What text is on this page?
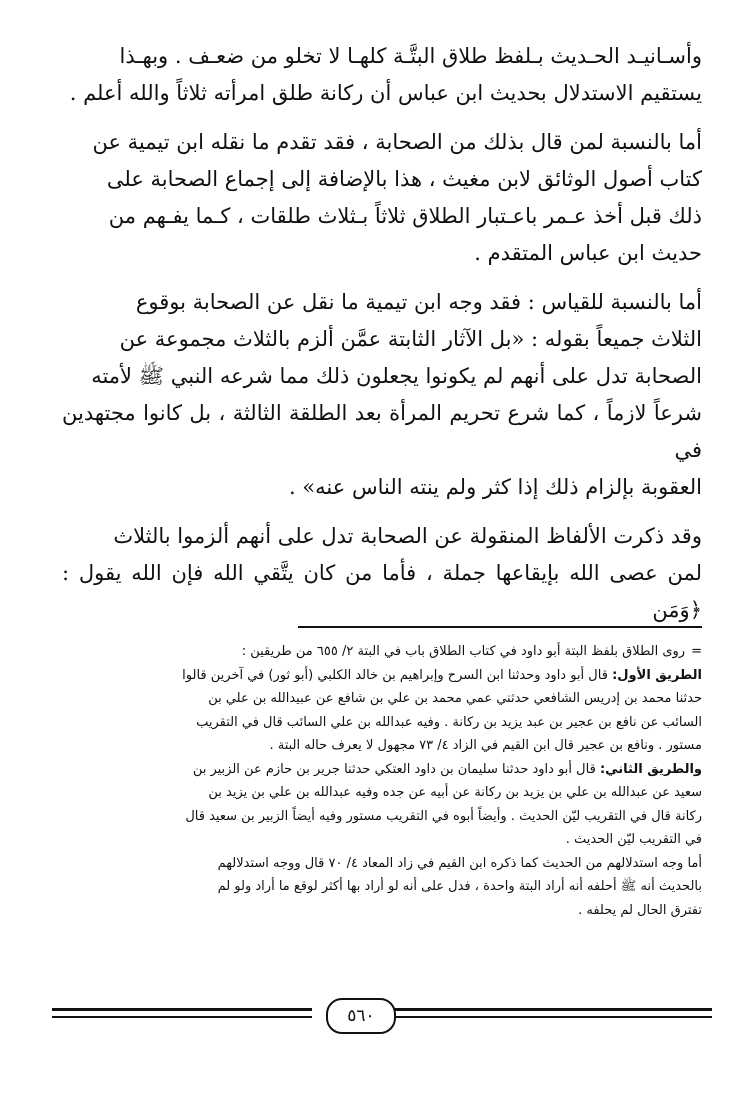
وأسـانيـد الحـديث بـلفظ طلاق البتَّـة كلهـا لا تخلو من ضعـف . وبهـذا

يستقيم الاستدلال بحديث ابن عباس أن ركانة طلق امرأته ثلاثاً والله أعلم .

أما بالنسبة لمن قال بذلك من الصحابة ، فقد تقدم ما نقله ابن تيمية عن

كتاب أصول الوثائق لابن مغيث ، هذا بالإضافة إلى إجماع الصحابة على

ذلك قبل أخذ عـمر باعـتبار الطلاق ثلاثاً بـثلاث طلقات ، كـما يفـهم من

حديث ابن عباس المتقدم .

أما بالنسبة للقياس : فقد وجه ابن تيمية ما نقل عن الصحابة بوقوع

الثلاث جميعاً بقوله : «بل الآثار الثابتة عمَّن ألزم بالثلاث مجموعة عن

الصحابة تدل على أنهم لم يكونوا يجعلون ذلك مما شرعه النبي ﷺ لأمته

شرعاً لازماً ، كما شرع تحريم المرأة بعد الطلقة الثالثة ، بل كانوا مجتهدين في

العقوبة بإلزام ذلك إذا كثر ولم ينته الناس عنه» .

وقد ذكرت الألفاظ المنقولة عن الصحابة تدل على أنهم ألزموا بالثلاث

لمن عصى الله بإيقاعها جملة ، فأما من كان يتَّقي الله فإن الله يقول : ﴿وَمَن

=روى الطلاق بلفظ البتة أبو داود في كتاب الطلاق باب في البتة ٢/ ٦٥٥ من طريقين :

الطريق الأول: قال أبو داود وحدثنا ابن السرح وإبراهيم بن خالد الكلبي (أبو ثور) في آخرين قالوا

حدثنا محمد بن إدريس الشافعي حدثني عمي محمد بن علي بن شافع عن عبيدالله بن علي بن

السائب عن نافع بن عجير بن عبد يزيد بن ركانة . وفيه عبدالله بن علي السائب قال في التقريب

مستور . ونافع بن عجير قال ابن القيم في الزاد ٤/ ٧٣ مجهول لا يعرف حاله البتة .

والطريق الثاني: قال أبو داود حدثنا سليمان بن داود العتكي حدثنا جرير بن حازم عن الزبير بن

سعيد عن عبدالله بن علي بن يزيد بن ركانة عن أبيه عن جده وفيه عبدالله بن علي بن يزيد بن

ركانة قال في التقريب ليّن الحديث . وأيضاً أبوه في التقريب مستور وفيه أيضاً الزبير بن سعيد قال

في التقريب ليّن الحديث .

أما وجه استدلالهم من الحديث كما ذكره ابن القيم في زاد المعاد ٤/ ٧٠ قال ووجه استدلالهم

بالحديث أنه ﷺ أحلفه أنه أراد البتة واحدة ، فدل على أنه لو أراد بها أكثر لوقع ما أراد ولو لم

تفترق الحال لم يحلفه .

٥٦٠
